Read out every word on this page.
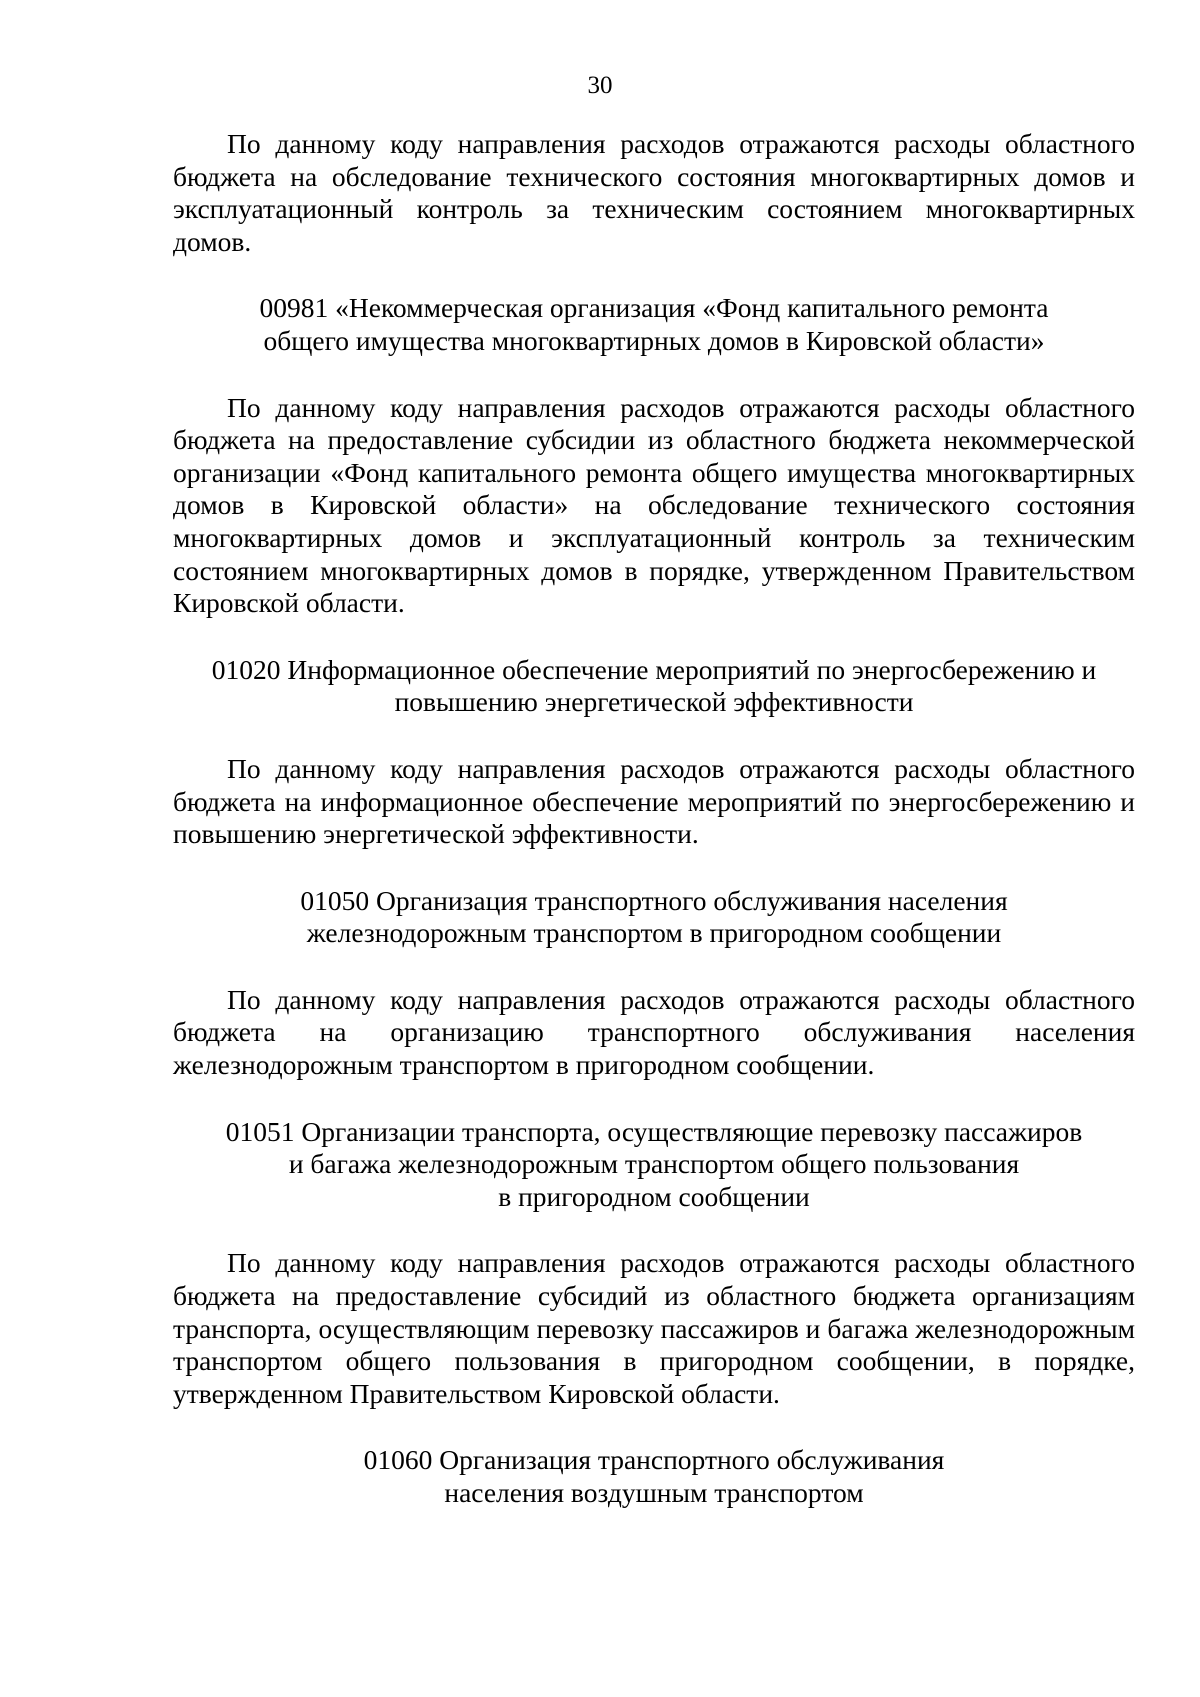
30

По данному коду направления расходов отражаются расходы областного бюджета на обследование технического состояния многоквартирных домов и эксплуатационный контроль за техническим состоянием многоквартирных домов.

00981 «Некоммерческая организация «Фонд капитального ремонта
общего имущества многоквартирных домов в Кировской области»

По данному коду направления расходов отражаются расходы областного бюджета на предоставление субсидии из областного бюджета некоммерческой организации «Фонд капитального ремонта общего имущества многоквартирных домов в Кировской области» на обследование технического состояния многоквартирных домов и эксплуатационный контроль за техническим состоянием многоквартирных домов в порядке, утвержденном Правительством Кировской области.

01020 Информационное обеспечение мероприятий по энергосбережению и
повышению энергетической эффективности

По данному коду направления расходов отражаются расходы областного бюджета на информационное обеспечение мероприятий по энергосбережению и повышению энергетической эффективности.

01050 Организация транспортного обслуживания населения
железнодорожным транспортом в пригородном сообщении

По данному коду направления расходов отражаются расходы областного бюджета на организацию транспортного обслуживания населения железнодорожным транспортом в пригородном сообщении.

01051 Организации транспорта, осуществляющие перевозку пассажиров
и багажа железнодорожным транспортом общего пользования
в пригородном сообщении

По данному коду направления расходов отражаются расходы областного бюджета на предоставление субсидий из областного бюджета организациям транспорта, осуществляющим перевозку пассажиров и багажа железнодорожным транспортом общего пользования в пригородном сообщении, в порядке, утвержденном Правительством Кировской области.

01060 Организация транспортного обслуживания
населения воздушным транспортом
